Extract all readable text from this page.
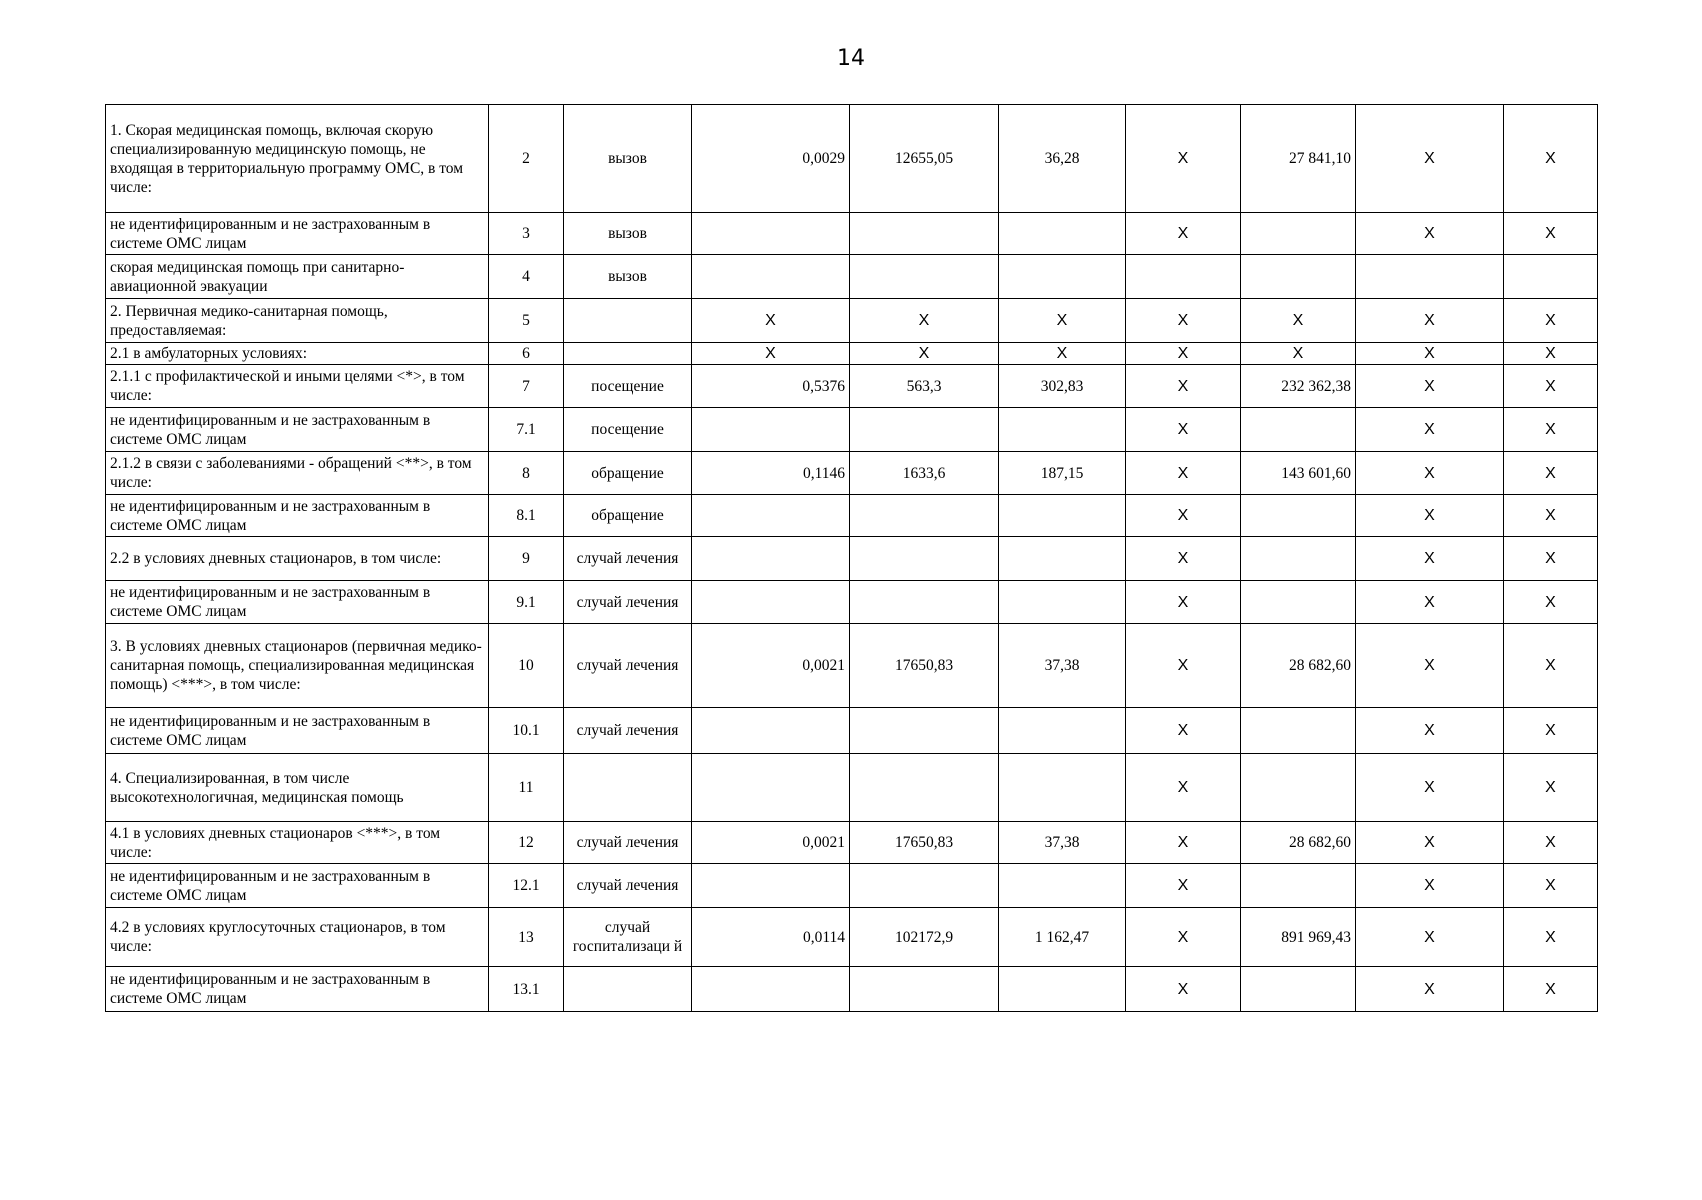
14
1. Скорая медицинская помощь, включая скорую специализированную медицинскую помощь, не входящая в территориальную программу ОМС, в том числе:	2	вызов	0,0029	12655,05	36,28	X	27 841,10	X	X
не идентифицированным и не застрахованным в системе ОМС лицам	3	вызов				X		X	X
скорая медицинская помощь при санитарно-авиационной эвакуации	4	вызов							
2. Первичная медико-санитарная помощь, предоставляемая:	5		X	X	X	X	X	X	X
2.1 в амбулаторных условиях:	6		X	X	X	X	X	X	X
2.1.1 с профилактической и иными целями <*>, в том числе:	7	посещение	0,5376	563,3	302,83	X	232 362,38	X	X
не идентифицированным и не застрахованным в системе ОМС лицам	7.1	посещение				X		X	X
2.1.2 в связи с заболеваниями - обращений <**>, в том числе:	8	обращение	0,1146	1633,6	187,15	X	143 601,60	X	X
не идентифицированным и не застрахованным в системе ОМС лицам	8.1	обращение				X		X	X
2.2 в условиях дневных стационаров, в том числе:	9	случай лечения				X		X	X
не идентифицированным и не застрахованным в системе ОМС лицам	9.1	случай лечения				X		X	X
3. В условиях дневных стационаров (первичная медико-санитарная помощь, специализированная медицинская помощь) <***>, в том числе:	10	случай лечения	0,0021	17650,83	37,38	X	28 682,60	X	X
не идентифицированным и не застрахованным в системе ОМС лицам	10.1	случай лечения				X		X	X
4. Специализированная, в том числе высокотехнологичная, медицинская помощь	11					X		X	X
4.1 в условиях дневных стационаров <***>, в том числе:	12	случай лечения	0,0021	17650,83	37,38	X	28 682,60	X	X
не идентифицированным и не застрахованным в системе ОМС лицам	12.1	случай лечения				X		X	X
4.2 в условиях круглосуточных стационаров, в том числе:	13	случай госпитализаци й	0,0114	102172,9	1 162,47	X	891 969,43	X	X
не идентифицированным и не застрахованным в системе ОМС лицам	13.1					X		X	X
